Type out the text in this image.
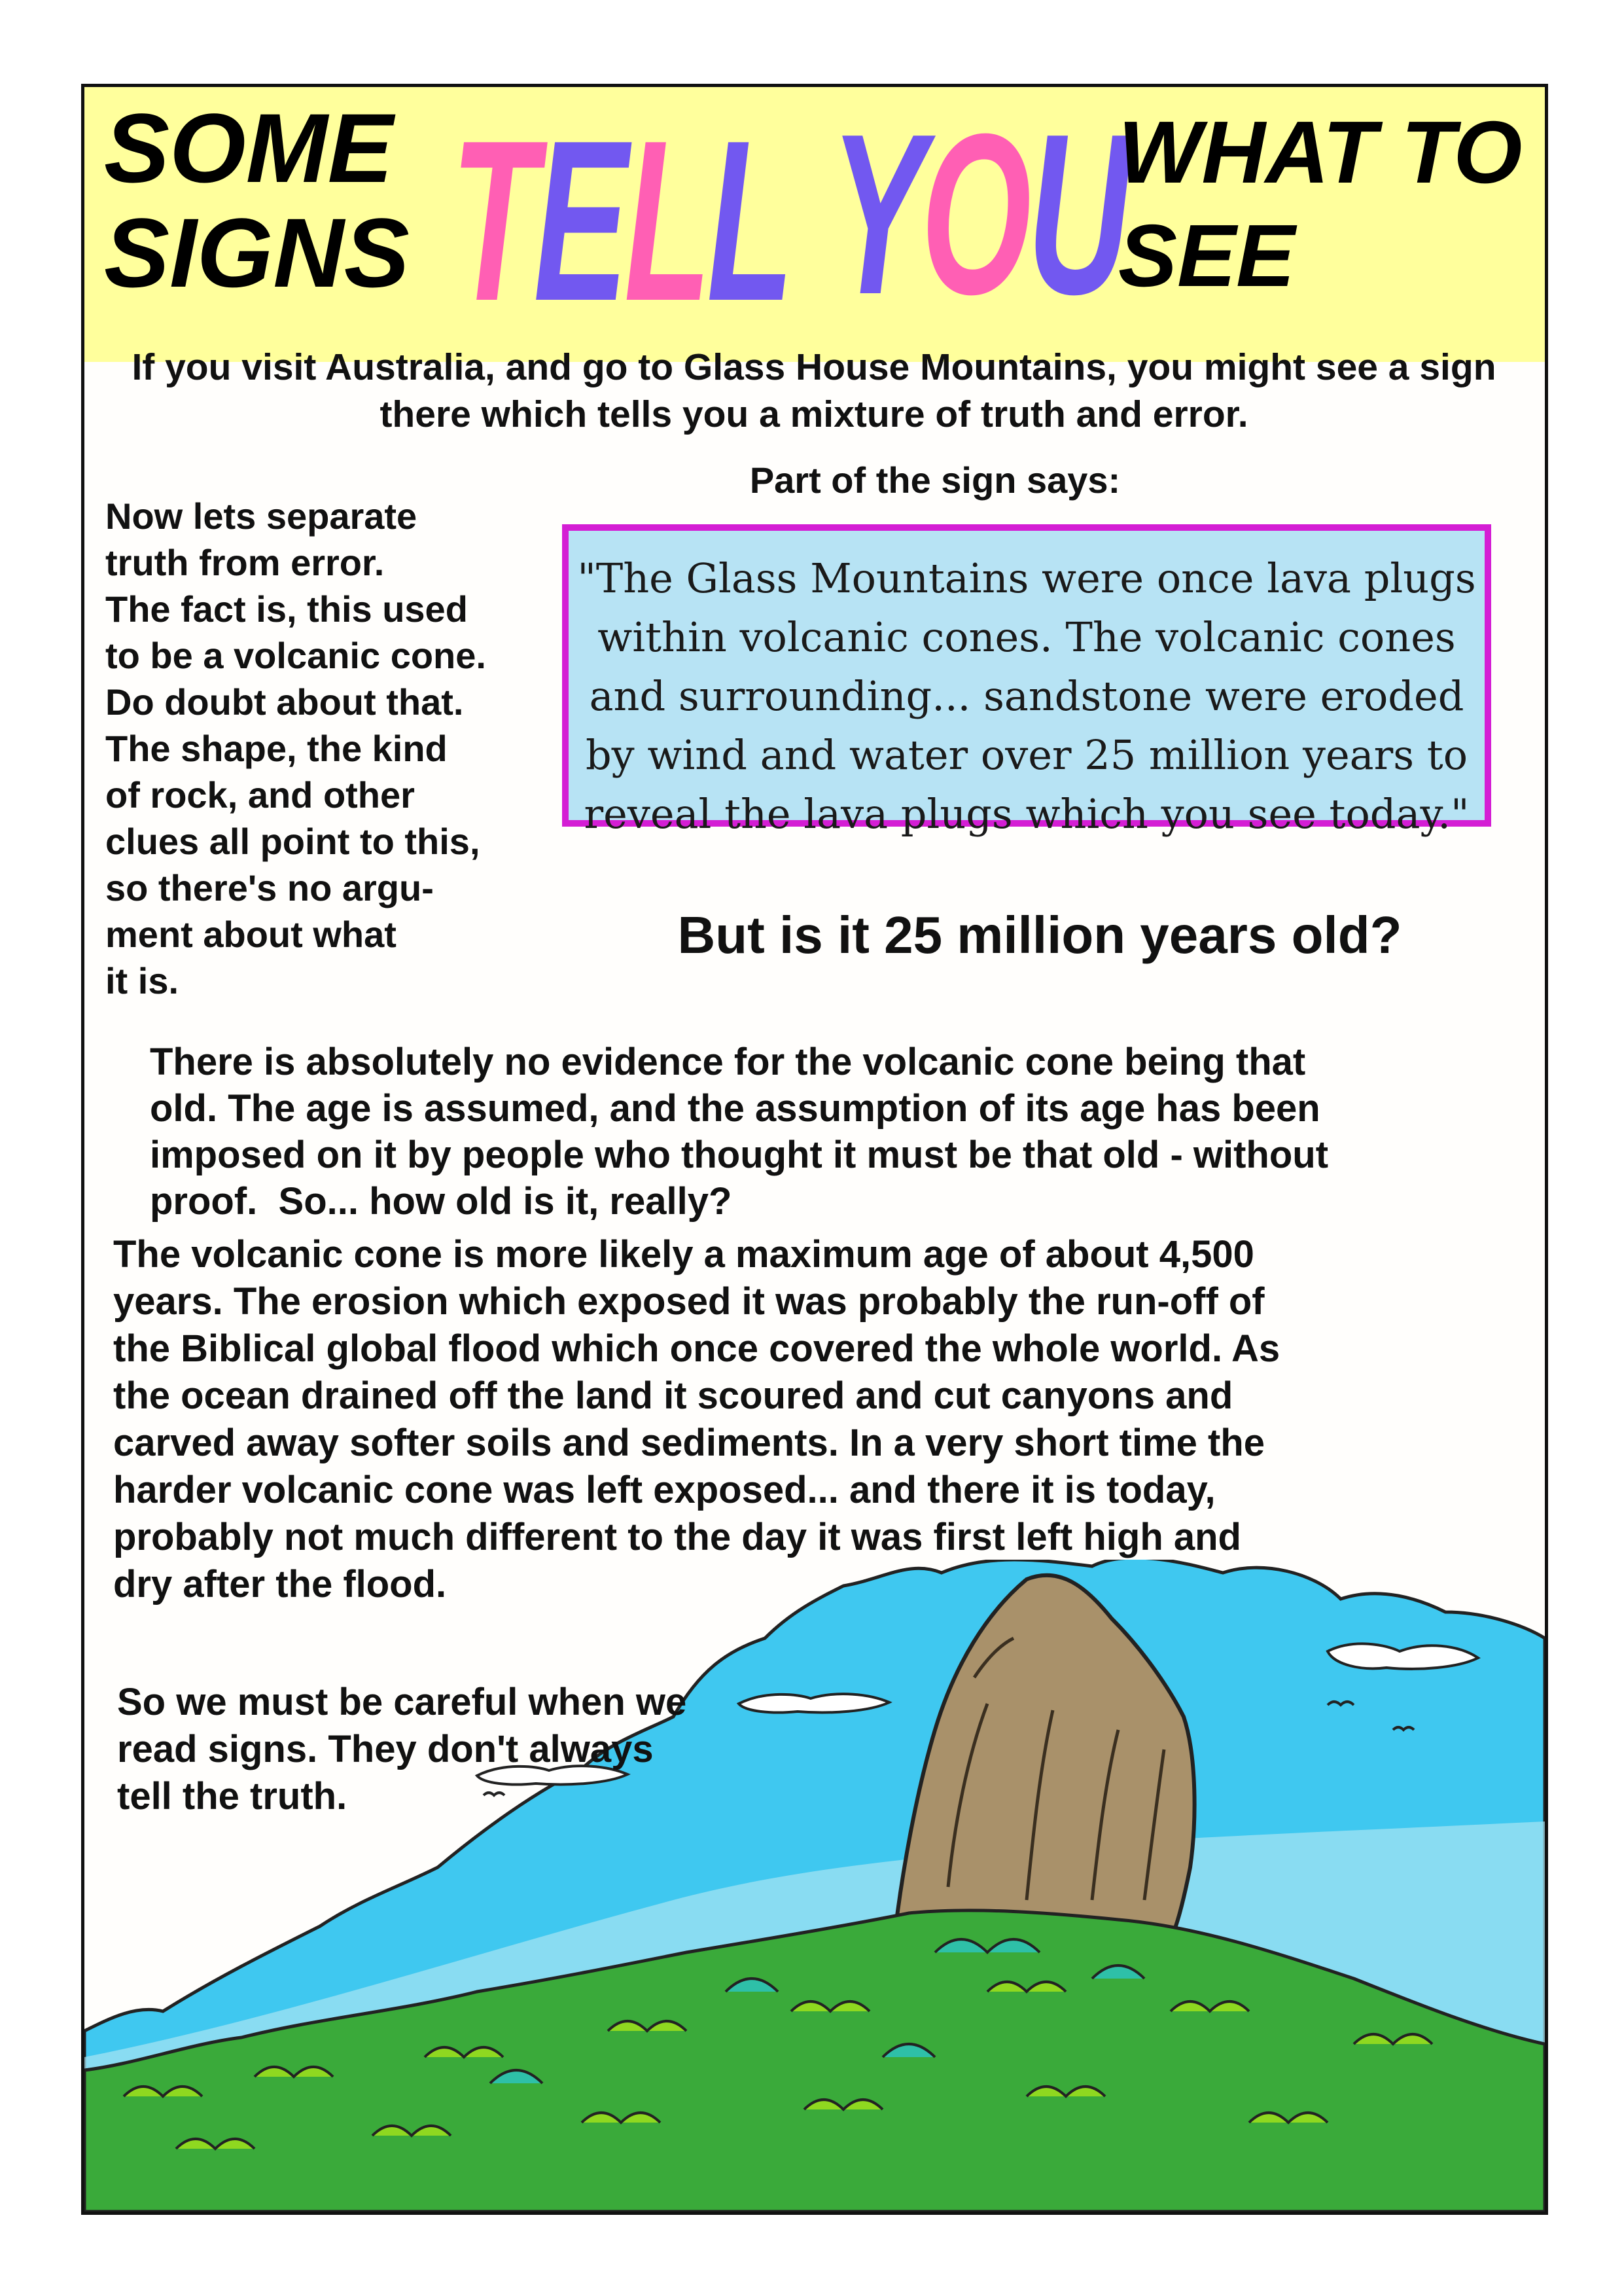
SOME
SIGNS TELL YOU
WHAT TO
SEE
If you visit Australia, and go to Glass House Mountains, you might see a sign there which tells you a mixture of truth and error.
Part of the sign says:
Now lets separate
truth from error.
The fact is, this used
to be a volcanic cone.
Do doubt about that.
The shape, the kind
of rock, and other
clues all point to this,
so there's no argu-
ment about what
it is.
"The Glass Mountains were once lava plugs
within volcanic cones. The volcanic cones
and surrounding... sandstone were eroded
by wind and water over 25 million years to
reveal the lava plugs which you see today."
But is it 25 million years old?
There is absolutely no evidence for the volcanic cone being that
old. The age is assumed, and the assumption of its age has been
imposed on it by people who thought it must be that old - without
proof.  So... how old is it, really?
The volcanic cone is more likely a maximum age of about 4,500
years. The erosion which exposed it was probably the run-off of
the Biblical global flood which once covered the whole world. As
the ocean drained off the land it scoured and cut canyons and
carved away softer soils and sediments. In a very short time the
harder volcanic cone was left exposed... and there it is today,
probably not much different to the day it was first left high and
dry after the flood.
So we must be careful when we
read signs. They don't always
tell the truth.
